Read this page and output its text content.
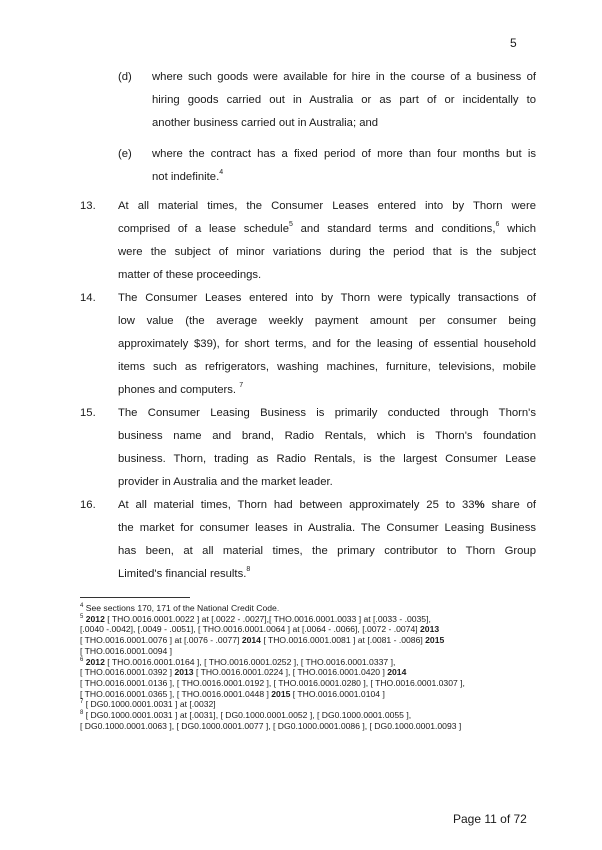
5
(d) where such goods were available for hire in the course of a business of
hiring goods carried out in Australia or as part of or incidentally to
another business carried out in Australia; and
(e) where the contract has a fixed period of more than four months but is
not indefinite.$^4$
13. At all material times, the Consumer Leases entered into by Thorn were
comprised of a lease schedule$^5$ and standard terms and conditions,$^6$ which
were the subject of minor variations during the period that is the subject
matter of these proceedings.
14. The Consumer Leases entered into by Thorn were typically transactions of
low value (the average weekly payment amount per consumer being
approximately $39), for short terms, and for the leasing of essential household
items such as refrigerators, washing machines, furniture, televisions, mobile
phones and computers. $^7$
15. The Consumer Leasing Business is primarily conducted through Thorn's
business name and brand, Radio Rentals, which is Thorn's foundation
business. Thorn, trading as Radio Rentals, is the largest Consumer Lease
provider in Australia and the market leader.
16. At all material times, Thorn had between approximately 25 to 33% share of
the market for consumer leases in Australia. The Consumer Leasing Business
has been, at all material times, the primary contributor to Thorn Group
Limited's financial results.$^8$
$^4$ See sections 170, 171 of the National Credit Code.
$^5$ 2012 [ THO.0016.0001.0022 ] at [.0022 - .0027],[ THO.0016.0001.0033 ] at [.0033 - .0035],
[.0040 -.0042], [.0049 - .0051], [ THO.0016.0001.0064 ] at [.0064 - .0066], [.0072 - .0074] 2013
[ THO.0016.0001.0076 ] at [.0076 - .0077] 2014 [ THO.0016.0001.0081 ] at [.0081 - .0086] 2015
[ THO.0016.0001.0094 ]
$^6$ 2012 [ THO.0016.0001.0164 ], [ THO.0016.0001.0252 ], [ THO.0016.0001.0337 ],
[ THO.0016.0001.0392 ] 2013 [ THO.0016.0001.0224 ], [ THO.0016.0001.0420 ] 2014
[ THO.0016.0001.0136 ], [ THO.0016.0001.0192 ], [ THO.0016.0001.0280 ], [ THO.0016.0001.0307 ],
[ THO.0016.0001.0365 ], [ THO.0016.0001.0448 ] 2015 [ THO.0016.0001.0104 ]
$^7$ [ DG0.1000.0001.0031 ] at [.0032]
$^8$ [ DG0.1000.0001.0031 ] at [.0031], [ DG0.1000.0001.0052 ], [ DG0.1000.0001.0055 ],
[ DG0.1000.0001.0063 ], [ DG0.1000.0001.0077 ], [ DG0.1000.0001.0086 ], [ DG0.1000.0001.0093 ]
Page 11 of 72
